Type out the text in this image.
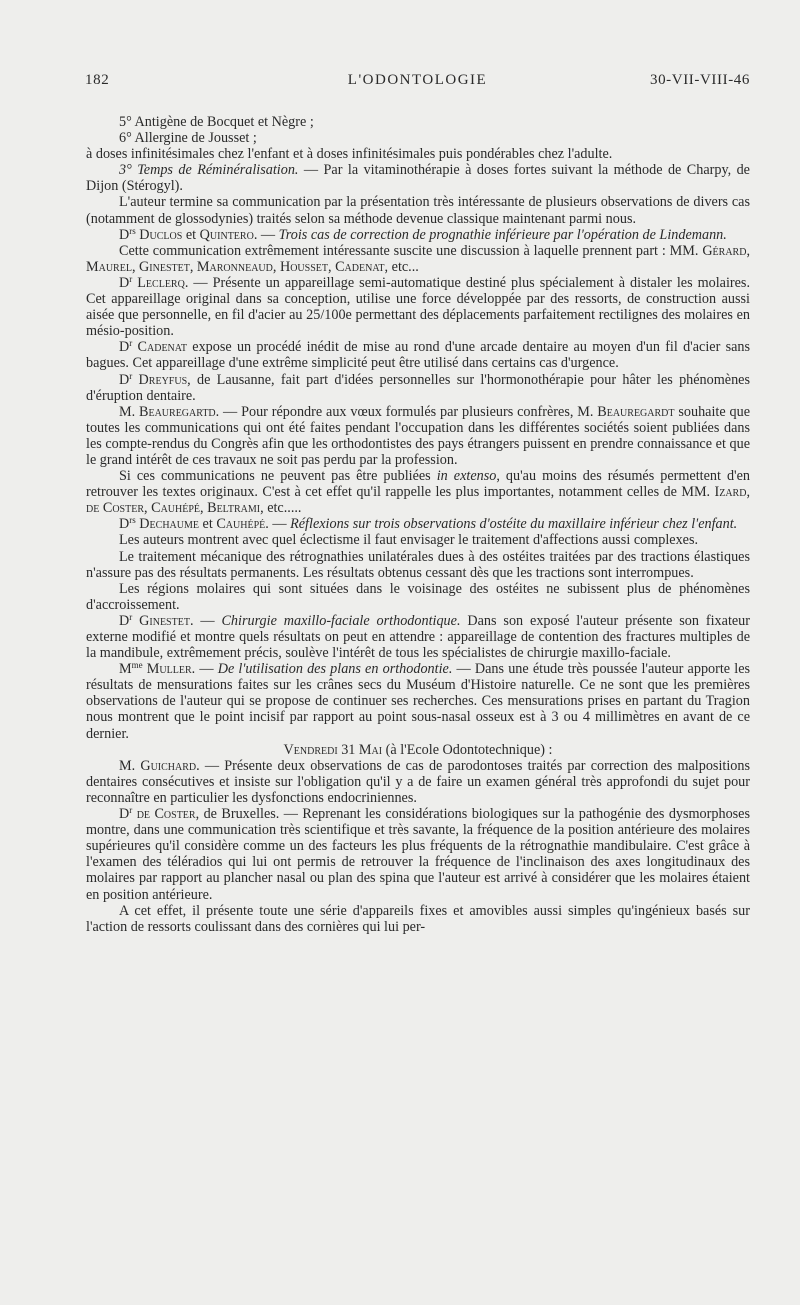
182	L'ODONTOLOGIE	30-VII-VIII-46

5° Antigène de Bocquet et Nègre ;

6° Allergine de Jousset ;

à doses infinitésimales chez l'enfant et à doses infinitésimales puis pondérables chez l'adulte.

3° Temps de Réminéralisation. — Par la vitaminothérapie à doses fortes suivant la méthode de Charpy, de Dijon (Stérogyl).

L'auteur termine sa communication par la présentation très intéressante de plusieurs observations de divers cas (notamment de glossodynies) traités selon sa méthode devenue classique maintenant parmi nous.

$D^{rs}$ Duclos et Quintero. — Trois cas de correction de prognathie inférieure par l'opération de Lindemann.

Cette communication extrêmement intéressante suscite une discussion à laquelle prennent part : MM. Gérard, Maurel, Ginestet, Maronneaud, Housset, Cadenat, etc...

$D^r$ Leclerq. — Présente un appareillage semi-automatique destiné plus spécialement à distaler les molaires. Cet appareillage original dans sa conception, utilise une force développée par des ressorts, de construction aussi aisée que personnelle, en fil d'acier au 25/100e permettant des déplacements parfaitement rectilignes des molaires en mésio-position.

$D^r$ Cadenat expose un procédé inédit de mise au rond d'une arcade dentaire au moyen d'un fil d'acier sans bagues. Cet appareillage d'une extrême simplicité peut être utilisé dans certains cas d'urgence.

$D^r$ Dreyfus, de Lausanne, fait part d'idées personnelles sur l'hormonothérapie pour hâter les phénomènes d'éruption dentaire.

M. Beauregartd. — Pour répondre aux vœux formulés par plusieurs confrères, M. Beauregardt souhaite que toutes les communications qui ont été faites pendant l'occupation dans les différentes sociétés soient publiées dans les compte-rendus du Congrès afin que les orthodontistes des pays étrangers puissent en prendre connaissance et que le grand intérêt de ces travaux ne soit pas perdu par la profession.

Si ces communications ne peuvent pas être publiées in extenso, qu'au moins des résumés permettent d'en retrouver les textes originaux. C'est à cet effet qu'il rappelle les plus importantes, notamment celles de MM. Izard, de Coster, Cauhépé, Beltrami, etc.....

$D^{rs}$ Dechaume et Cauhépé. — Réflexions sur trois observations d'ostéite du maxillaire inférieur chez l'enfant.

Les auteurs montrent avec quel éclectisme il faut envisager le traitement d'affections aussi complexes.

Le traitement mécanique des rétrognathies unilatérales dues à des ostéites traitées par des tractions élastiques n'assure pas des résultats permanents. Les résultats obtenus cessant dès que les tractions sont interrompues.

Les régions molaires qui sont situées dans le voisinage des ostéites ne subissent plus de phénomènes d'accroissement.

$D^r$ Ginestet. — Chirurgie maxillo-faciale orthodontique. Dans son exposé l'auteur présente son fixateur externe modifié et montre quels résultats on peut en attendre : appareillage de contention des fractures multiples de la mandibule, extrêmement précis, soulève l'intérêt de tous les spécialistes de chirurgie maxillo-faciale.

$M^{me}$ Muller. — De l'utilisation des plans en orthodontie. — Dans une étude très poussée l'auteur apporte les résultats de mensurations faites sur les crânes secs du Muséum d'Histoire naturelle. Ce ne sont que les premières observations de l'auteur qui se propose de continuer ses recherches. Ces mensurations prises en partant du Tragion nous montrent que le point incisif par rapport au point sous-nasal osseux est à 3 ou 4 millimètres en avant de ce dernier.

Vendredi 31 Mai (à l'Ecole Odontotechnique) :

M. Guichard. — Présente deux observations de cas de parodontoses traités par correction des malpositions dentaires consécutives et insiste sur l'obligation qu'il y a de faire un examen général très approfondi du sujet pour reconnaître en particulier les dysfonctions endocriniennes.

$D^r$ de Coster, de Bruxelles. — Reprenant les considérations biologiques sur la pathogénie des dysmorphoses montre, dans une communication très scientifique et très savante, la fréquence de la position antérieure des molaires supérieures qu'il considère comme un des facteurs les plus fréquents de la rétrognathie mandibulaire. C'est grâce à l'examen des téléradios qui lui ont permis de retrouver la fréquence de l'inclinaison des axes longitudinaux des molaires par rapport au plancher nasal ou plan des spina que l'auteur est arrivé à considérer que les molaires étaient en position antérieure.

A cet effet, il présente toute une série d'appareils fixes et amovibles aussi simples qu'ingénieux basés sur l'action de ressorts coulissant dans des cornières qui lui per-
